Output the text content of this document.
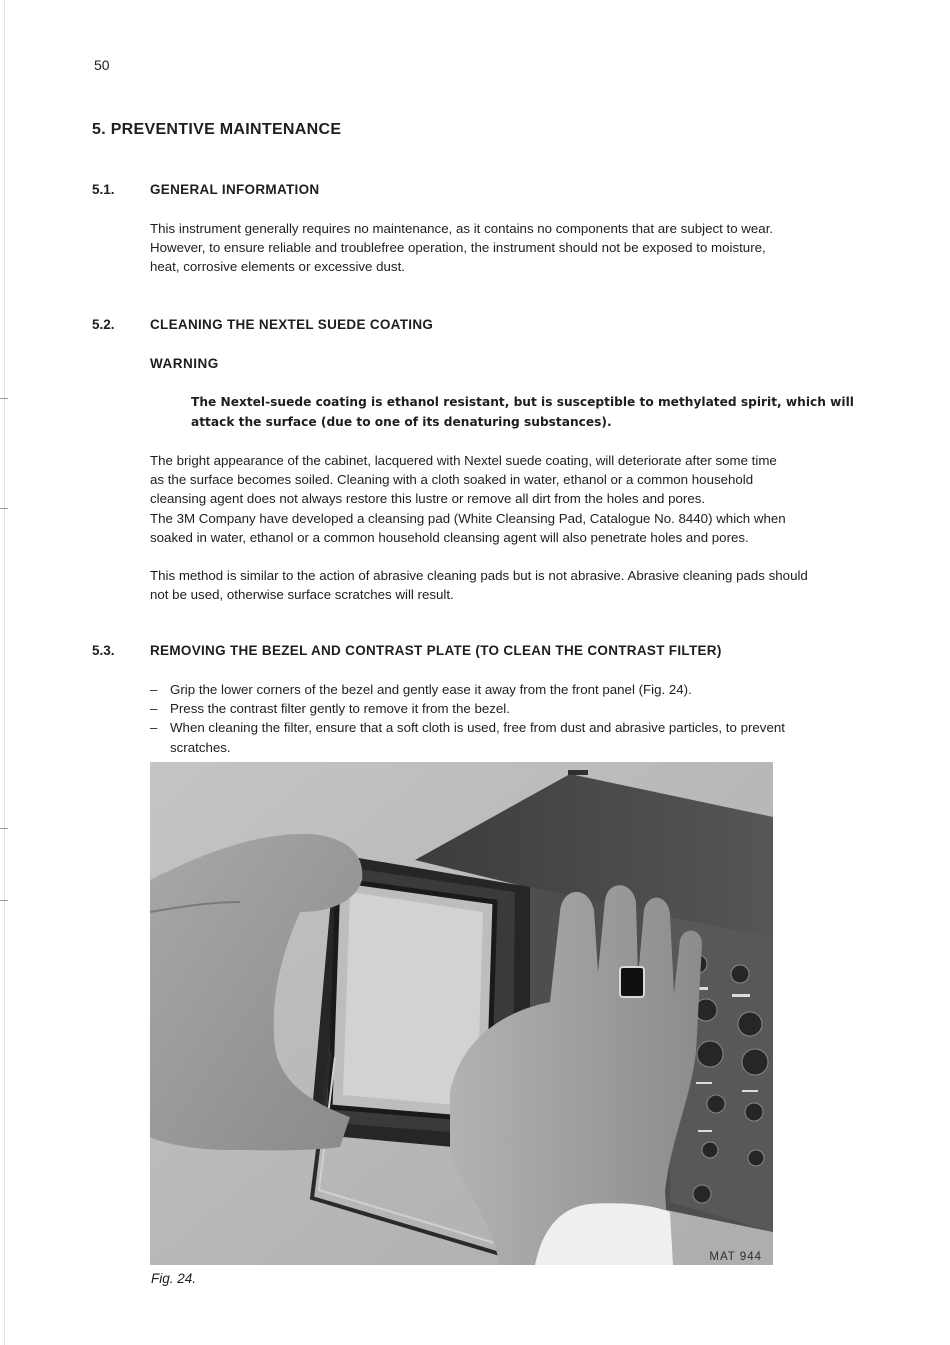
50
5. PREVENTIVE MAINTENANCE
5.1.	GENERAL INFORMATION
This instrument generally requires no maintenance, as it contains no components that are subject to wear.
However, to ensure reliable and troublefree operation, the instrument should not be exposed to moisture,
heat, corrosive elements or excessive dust.
5.2.	CLEANING THE NEXTEL SUEDE COATING
WARNING
The Nextel-suede coating is ethanol resistant, but is susceptible to methylated spirit, which will
attack the surface (due to one of its denaturing substances).
The bright appearance of the cabinet, lacquered with Nextel suede coating, will deteriorate after some time
as the surface becomes soiled. Cleaning with a cloth soaked in water, ethanol or a common household
cleansing agent does not always restore this lustre or remove all dirt from the holes and pores.
The 3M Company have developed a cleansing pad (White Cleansing Pad, Catalogue No. 8440) which when
soaked in water, ethanol or a common household cleansing agent will also penetrate holes and pores.
This method is similar to the action of abrasive cleaning pads but is not abrasive. Abrasive cleaning pads should
not be used, otherwise surface scratches will result.
5.3.	REMOVING THE BEZEL AND CONTRAST PLATE (TO CLEAN THE CONTRAST FILTER)
– Grip the lower corners of the bezel and gently ease it away from the front panel (Fig. 24).
– Press the contrast filter gently to remove it from the bezel.
– When cleaning the filter, ensure that a soft cloth is used, free from dust and abrasive particles, to prevent
scratches.
MAT 944
Fig. 24.
